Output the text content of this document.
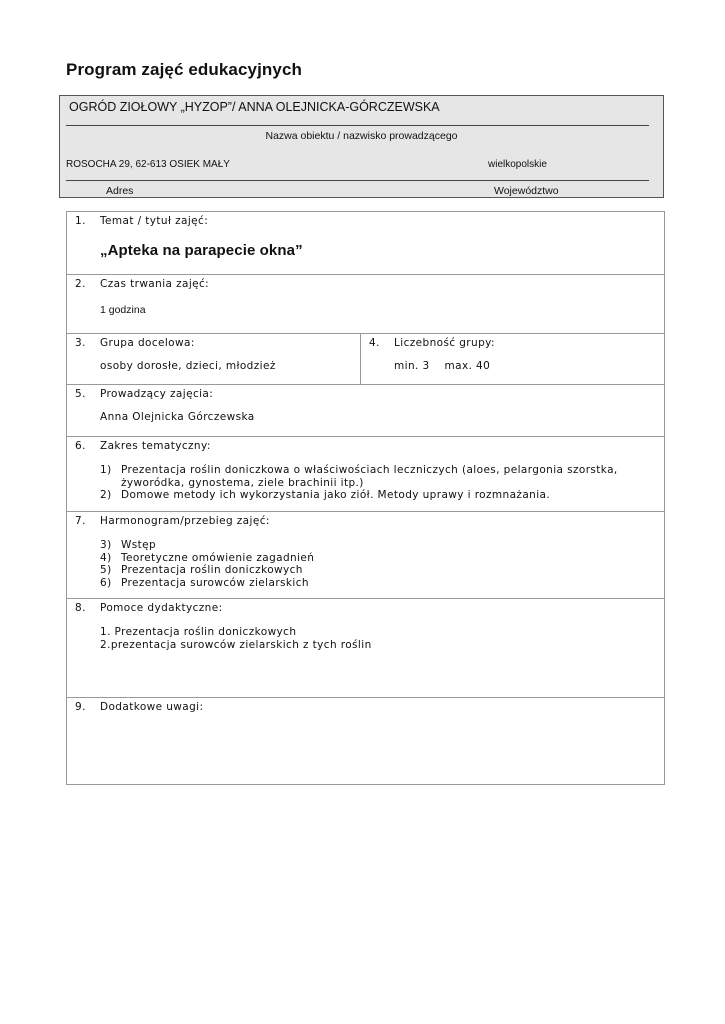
Program zajęć edukacyjnych
OGRÓD ZIOŁOWY „HYZOP”/ ANNA OLEJNICKA-GÓRCZEWSKA
Nazwa obiektu / nazwisko prowadzącego
ROSOCHA 29, 62-613 OSIEK MAŁY	wielkopolskie
Adres	Województwo
1. Temat / tytuł zajęć:
„Apteka na parapecie okna”
2. Czas trwania zajęć:
1 godzina
3. Grupa docelowa:
osoby dorosłe, dzieci, młodzież
4. Liczebność grupy:
min. 3    max. 40
5. Prowadzący zajęcia:
Anna Olejnicka Górczewska
6. Zakres tematyczny:
1) Prezentacja roślin doniczkowa o właściwościach leczniczych (aloes, pelargonia szorstka, żyworódka, gynostema, ziele brachinii itp.)
2) Domowe metody ich wykorzystania jako ziół. Metody uprawy i rozmnażania.
7. Harmonogram/przebieg zajęć:
3) Wstęp
4) Teoretyczne omówienie zagadnień
5) Prezentacja roślin doniczkowych
6) Prezentacja surowców zielarskich
8. Pomoce dydaktyczne:
1. Prezentacja roślin doniczkowych
2.prezentacja surowców zielarskich z tych roślin
9. Dodatkowe uwagi:
